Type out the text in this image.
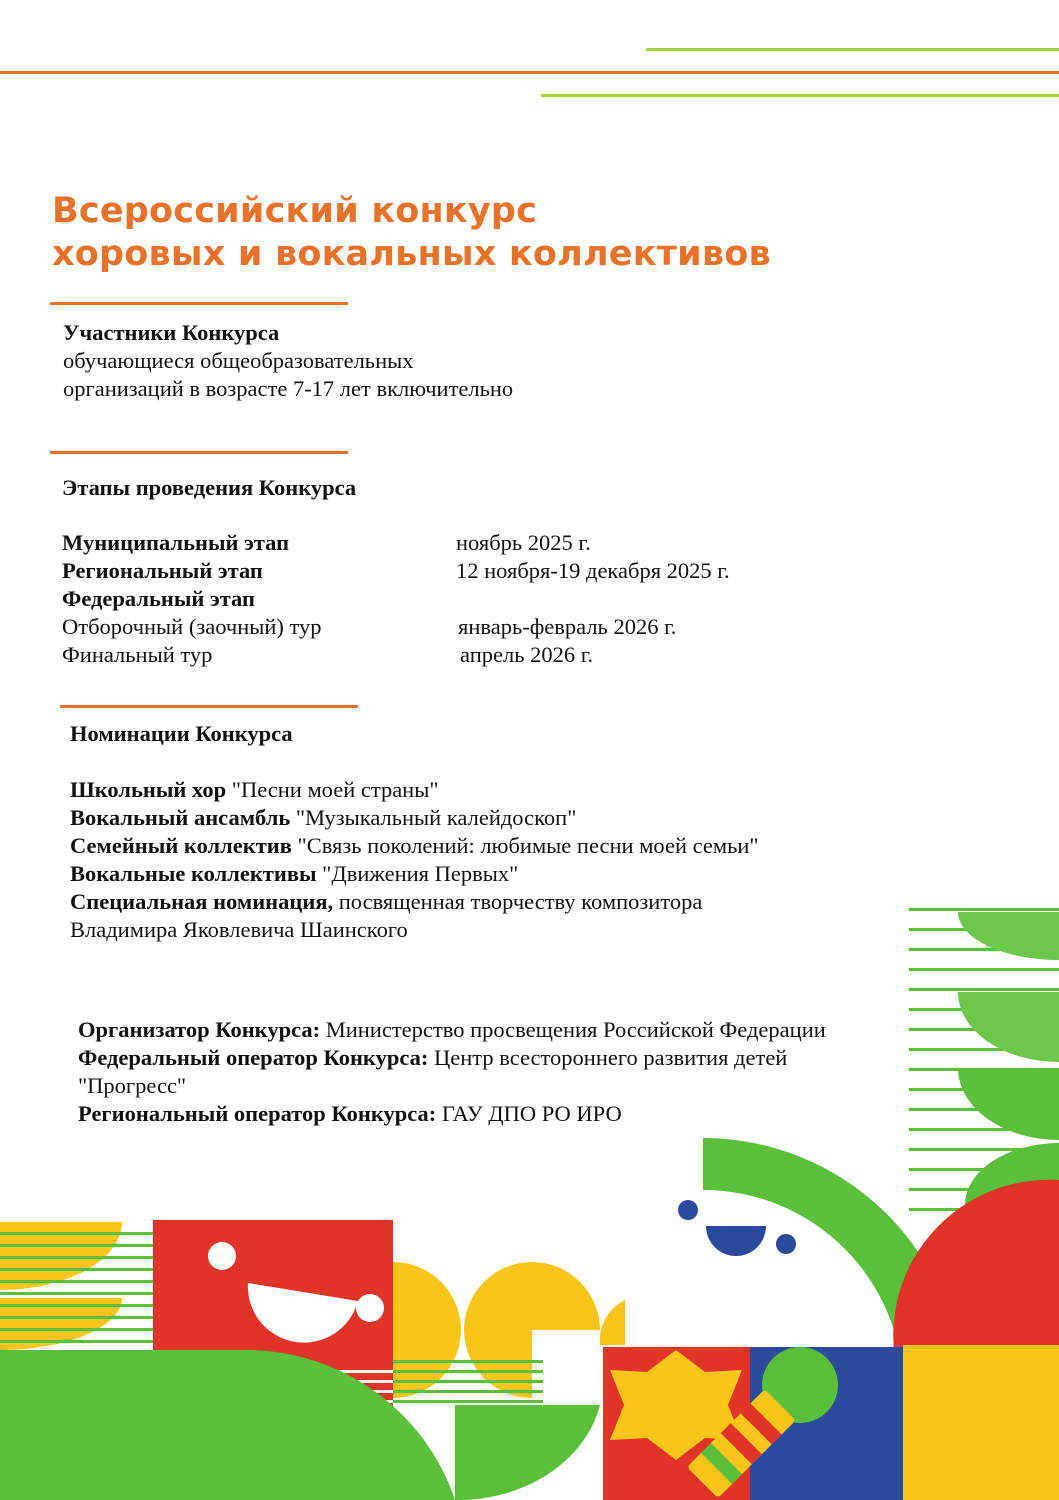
Всероссийский конкурс
хоровых и вокальных коллективов
Участники Конкурса
обучающиеся общеобразовательных
организаций в возрасте 7-17 лет включительно
Этапы проведения Конкурса
Муниципальный этап	ноябрь 2025 г.
Региональный этап	12 ноября-19 декабря 2025 г.
Федеральный этап
Отборочный (заочный) тур	январь-февраль 2026 г.
Финальный тур	апрель 2026 г.
Номинации Конкурса
Школьный хор "Песни моей страны"
Вокальный ансамбль "Музыкальный калейдоскоп"
Семейный коллектив "Связь поколений: любимые песни моей семьи"
Вокальные коллективы "Движения Первых"
Специальная номинация, посвященная творчеству композитора
Владимира Яковлевича Шаинского
Организатор Конкурса: Министерство просвещения Российской Федерации
Федеральный оператор Конкурса: Центр всестороннего развития детей
"Прогресс"
Региональный оператор Конкурса: ГАУ ДПО РО ИРО
